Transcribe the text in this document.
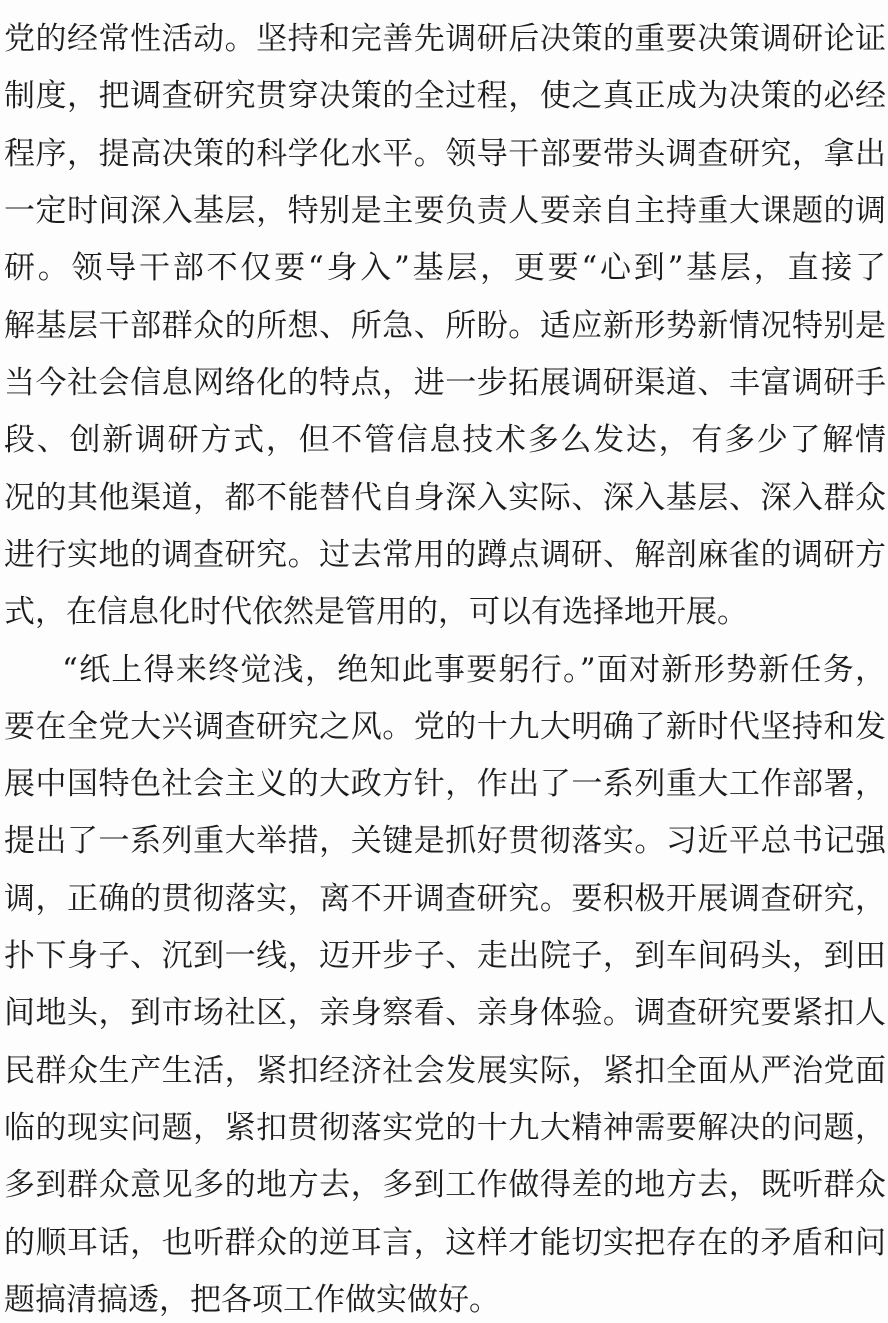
党的经常性活动。坚持和完善先调研后决策的重要决策调研论证
制度，把调查研究贯穿决策的全过程，使之真正成为决策的必经
程序，提高决策的科学化水平。领导干部要带头调查研究，拿出
一定时间深入基层，特别是主要负责人要亲自主持重大课题的调
研。领导干部不仅要“身入”基层，更要“心到”基层，直接了
解基层干部群众的所想、所急、所盼。适应新形势新情况特别是
当今社会信息网络化的特点，进一步拓展调研渠道、丰富调研手
段、创新调研方式，但不管信息技术多么发达，有多少了解情
况的其他渠道，都不能替代自身深入实际、深入基层、深入群众
进行实地的调查研究。过去常用的蹲点调研、解剖麻雀的调研方
式，在信息化时代依然是管用的，可以有选择地开展。
“纸上得来终觉浅，绝知此事要躬行。”面对新形势新任务，
要在全党大兴调查研究之风。党的十九大明确了新时代坚持和发
展中国特色社会主义的大政方针，作出了一系列重大工作部署，
提出了一系列重大举措，关键是抓好贯彻落实。习近平总书记强
调，正确的贯彻落实，离不开调查研究。要积极开展调查研究，
扑下身子、沉到一线，迈开步子、走出院子，到车间码头，到田
间地头，到市场社区，亲身察看、亲身体验。调查研究要紧扣人
民群众生产生活，紧扣经济社会发展实际，紧扣全面从严治党面
临的现实问题，紧扣贯彻落实党的十九大精神需要解决的问题，
多到群众意见多的地方去，多到工作做得差的地方去，既听群众
的顺耳话，也听群众的逆耳言，这样才能切实把存在的矛盾和问
题搞清搞透，把各项工作做实做好。
